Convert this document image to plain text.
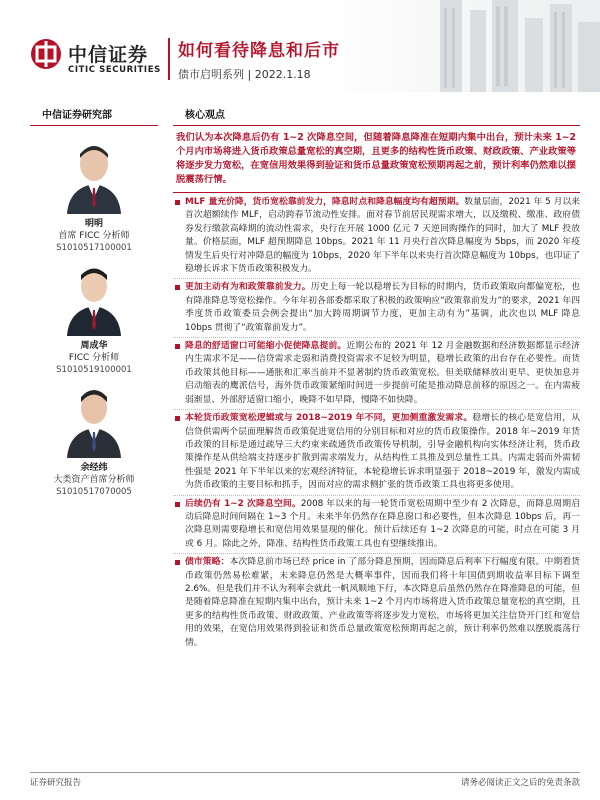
中信证券
CITIC SECURITIES
如何看待降息和后市
债市启明系列 | 2022.1.18
中信证券研究部
明明
首席 FICC 分析师
S1010517100001
周成华
FICC 分析师
S1010519100001
余经纬
大类资产首席分析师
S1010517070005
核心观点
我们认为本次降息后仍有 1~2 次降息空间，但随着降息降准在短期内集中出台，预计未来 1~2 个月内市场将进入货币政策总量宽松的真空期，且更多的结构性货币政策、财政政策、产业政策等将逐步发力宽松，在宽信用效果得到验证和货币总量政策宽松预期再起之前，预计利率仍然难以摆脱震荡行情。
MLF 量充价降，货币宽松靠前发力，降息时点和降息幅度均有超预期。数量层面，2021 年 5 月以来首次超额续作 MLF，启动跨春节流动性安排。面对春节前居民现需求增大，以及缴税、缴准、政府债券发行缴款高峰期的流动性需求，央行在开展 1000 亿元 7 天逆回购操作的同时，加大了 MLF 投放量。价格层面，MLF 超预期降息 10bps。2021 年 11 月央行首次降息幅度为 5bps，而 2020 年疫情发生后央行对冲降息的幅度为 10bps，2020 年下半年以来央行首次降息幅度为 10bps，也印证了稳增长诉求下货币政策积极发力。
更加主动有为和政策靠前发力。历史上每一轮以稳增长为目标的时期内，货币政策取向都偏宽松，也有降准降息等宽松操作。今年年初各部委都采取了积极的政策响应“政策靠前发力”的要求，2021 年四季度货币政策委员会例会提出“加大跨周期调节力度，更加主动有为”基调，此次也以 MLF 降息 10bps 贯彻了“政策靠前发力”。
降息的舒适窗口可能缩小促使降息提前。近期公布的 2021 年 12 月金融数据和经济数据都显示经济内生需求不足——信贷需求走弱和消费投资需求不足较为明显，稳增长政策的出台存在必要性。而货币政策其他目标——通胀和汇率当前并不显著制约货币政策宽松。但美联储释放出更早、更快加息并启动缩表的鹰派信号，海外货币政策紧缩时间进一步提前可能是推动降息前移的原因之一。在内需疲弱渐显、外部舒适窗口缩小，晚降不如早降，慢降不如快降。
本轮货币政策宽松逻辑或与 2018~2019 年不同，更加侧重激发需求。稳增长的核心是宽信用，从信贷供需两个层面理解货币政策促进宽信用的分别目标和对应的货币政策操作。2018 年~2019 年货币政策的目标是通过疏导三大约束来疏通货币政策传导机制，引导金融机构向实体经济让利，货币政策操作是从供给端支持逐步扩散到需求端发力，从结构性工具推及到总量性工具。内需走弱而外需韧性强是 2021 年下半年以来的宏观经济特征，本轮稳增长诉求明显强于 2018~2019 年，激发内需成为货币政策的主要目标和抓手，因而对应的需求侧扩张的货币政策工具也将更多使用。
后续仍有 1~2 次降息空间。2008 年以来的每一轮货币宽松周期中至少有 2 次降息，而降息周期启动后降息时间间隔在 1~3 个月。未来半年仍然存在降息窗口和必要性，但本次降息 10bps 后，再一次降息则需要稳增长和宽信用效果显现的催化。预计后续还有 1~2 次降息的可能，时点在可能 3 月或 6 月。除此之外，降准、结构性货币政策工具也有望继续推出。
债市策略：本次降息前市场已经 price in 了部分降息预期，因而降息后利率下行幅度有限。中期看货币政策仍然易松难紧，未来降息仍然是大概率事件，因而我们将十年国债到期收益率目标下调至 2.6%。但是我们并不认为利率会就此一帆风顺地下行，本次降息后虽然仍然存在降准降息的可能，但是随着降息降准在短期内集中出台，预计未来 1~2 个月内市场将进入货币政策总量宽松的真空期，且更多的结构性货币政策、财政政策、产业政策等将逐步发力宽松，市场将更加关注信贷开门红和宽信用的效果，在宽信用效果得到验证和货币总量政策宽松预期再起之前，预计利率仍然难以摆脱震荡行情。
证券研究报告	请务必阅读正文之后的免责条款
